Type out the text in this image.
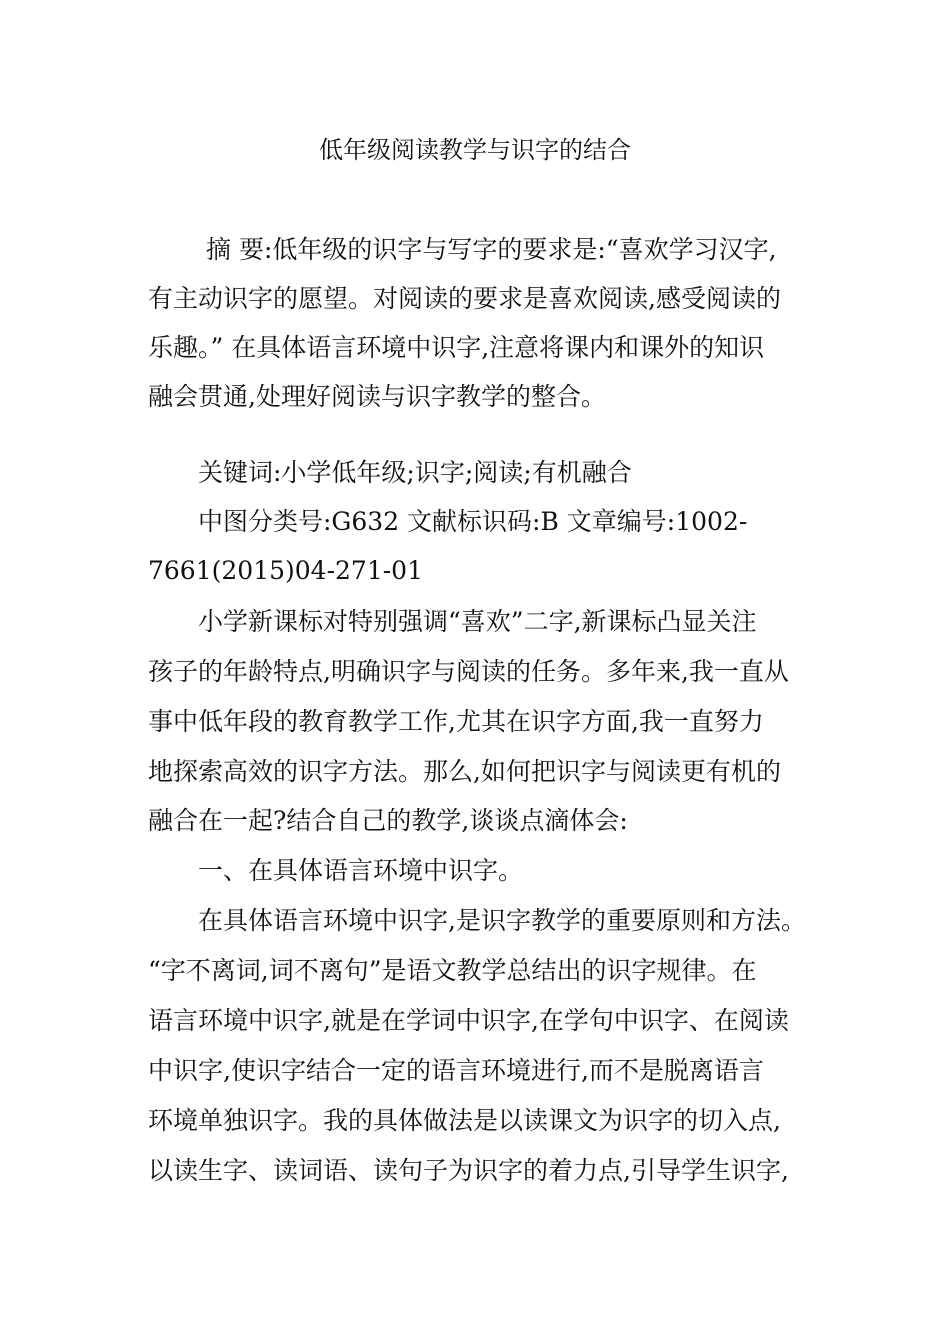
低年级阅读教学与识字的结合

摘 要:低年级的识字与写字的要求是:“喜欢学习汉字,

有主动识字的愿望。对阅读的要求是喜欢阅读,感受阅读的

乐趣。” 在具体语言环境中识字,注意将课内和课外的知识

融会贯通,处理好阅读与识字教学的整合。

关键词:小学低年级;识字;阅读;有机融合

中图分类号:G632 文献标识码:B 文章编号:1002-

7661(2015)04-271-01

小学新课标对特别强调“喜欢”二字,新课标凸显关注

孩子的年龄特点,明确识字与阅读的任务。多年来,我一直从

事中低年段的教育教学工作,尤其在识字方面,我一直努力

地探索高效的识字方法。那么,如何把识字与阅读更有机的

融合在一起?结合自己的教学,谈谈点滴体会:

一、在具体语言环境中识字。

在具体语言环境中识字,是识字教学的重要原则和方法。

“字不离词,词不离句”是语文教学总结出的识字规律。在

语言环境中识字,就是在学词中识字,在学句中识字、在阅读

中识字,使识字结合一定的语言环境进行,而不是脱离语言

环境单独识字。我的具体做法是以读课文为识字的切入点,

以读生字、读词语、读句子为识字的着力点,引导学生识字,
